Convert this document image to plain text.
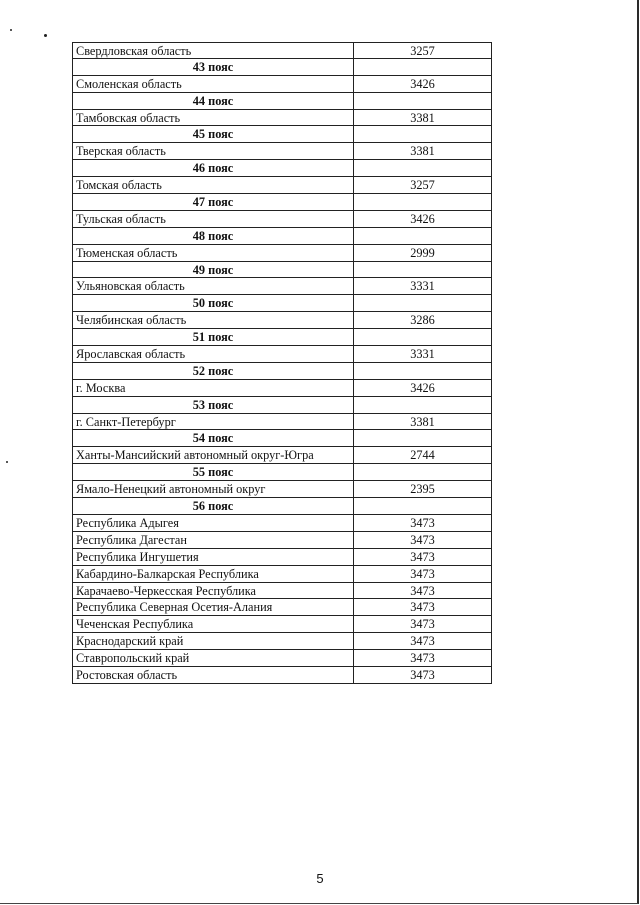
Свердловская область	3257
43 пояс
Смоленская область	3426
44 пояс
Тамбовская область	3381
45 пояс
Тверская область	3381
46 пояс
Томская область	3257
47 пояс
Тульская область	3426
48 пояс
Тюменская область	2999
49 пояс
Ульяновская область	3331
50 пояс
Челябинская область	3286
51 пояс
Ярославская область	3331
52 пояс
г. Москва	3426
53 пояс
г. Санкт-Петербург	3381
54 пояс
Ханты-Мансийский автономный округ-Югра	2744
55 пояс
Ямало-Ненецкий автономный округ	2395
56 пояс
Республика Адыгея	3473
Республика Дагестан	3473
Республика Ингушетия	3473
Кабардино-Балкарская Республика	3473
Карачаево-Черкесская Республика	3473
Республика Северная Осетия-Алания	3473
Чеченская Республика	3473
Краснодарский край	3473
Ставропольский край	3473
Ростовская область	3473
5
